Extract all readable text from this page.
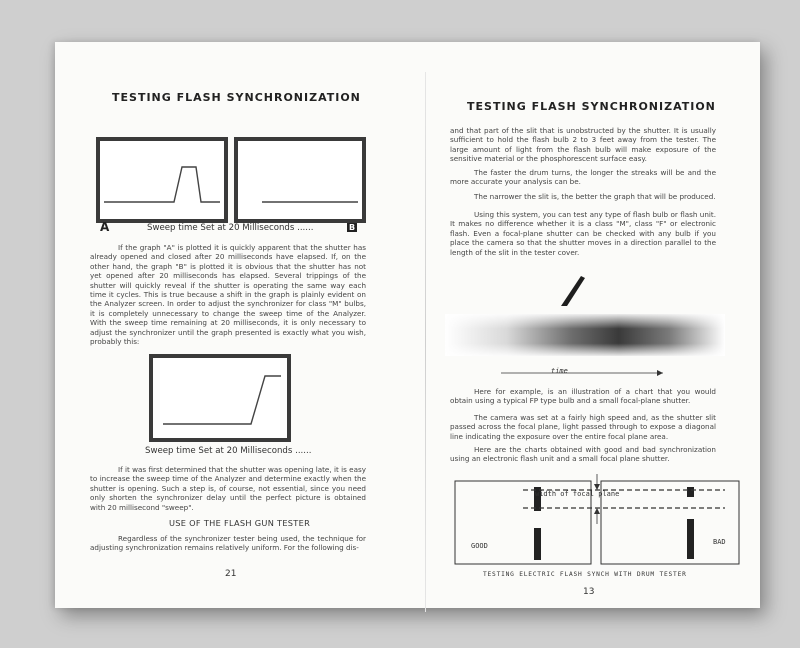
TESTING FLASH SYNCHRONIZATION
A	B
Sweep time Set at 20 Milliseconds ......
If the graph "A" is plotted it is quickly apparent that the shutter has already opened and closed after 20 milliseconds have elapsed. If, on the other hand, the graph "B" is plotted it is obvious that the shutter has not yet opened after 20 milliseconds has elapsed. Several trippings of the shutter will quickly reveal if the shutter is operating the same way each time it cycles. This is true because a shift in the graph is plainly evident on the Analyzer screen. In order to adjust the synchronizer for class "M" bulbs, it is completely unnecessary to change the sweep time of the Analyzer. With the sweep time remaining at 20 milliseconds, it is only necessary to adjust the synchronizer until the graph presented is exactly what you wish, probably this:
Sweep time Set at 20 Milliseconds ......
If it was first determined that the shutter was opening late, it is easy to increase the sweep time of the Analyzer and determine exactly when the shutter is opening. Such a step is, of course, not essential, since you need only shorten the synchronizer delay until the perfect picture is obtained with 20 millisecond "sweep".
USE OF THE FLASH GUN TESTER
Regardless of the synchronizer tester being used, the technique for adjusting synchronization remains relatively uniform. For the following dis-
21
TESTING FLASH SYNCHRONIZATION
and that part of the slit that is unobstructed by the shutter. It is usually sufficient to hold the flash bulb 2 to 3 feet away from the tester. The large amount of light from the flash bulb will make exposure of the sensitive material or the phosphorescent surface easy.
The faster the drum turns, the longer the streaks will be and the more accurate your analysis can be.
The narrower the slit is, the better the graph that will be produced.
Using this system, you can test any type of flash bulb or flash unit. It makes no difference whether it is a class "M", class "F" or electronic flash. Even a focal-plane shutter can be checked with any bulb if you place the camera so that the shutter moves in a direction parallel to the length of the slit in the tester cover.
time
Here for example, is an illustration of a chart that you would obtain using a typical FP type bulb and a small focal-plane shutter.
The camera was set at a fairly high speed and, as the shutter slit passed across the focal plane, light passed through to expose a diagonal line indicating the exposure over the entire focal plane area.
Here are the charts obtained with good and bad synchronization using an electronic flash unit and a small focal plane shutter.
width of focal plane
GOOD	BAD
TESTING ELECTRIC FLASH SYNCH WITH DRUM TESTER
13
